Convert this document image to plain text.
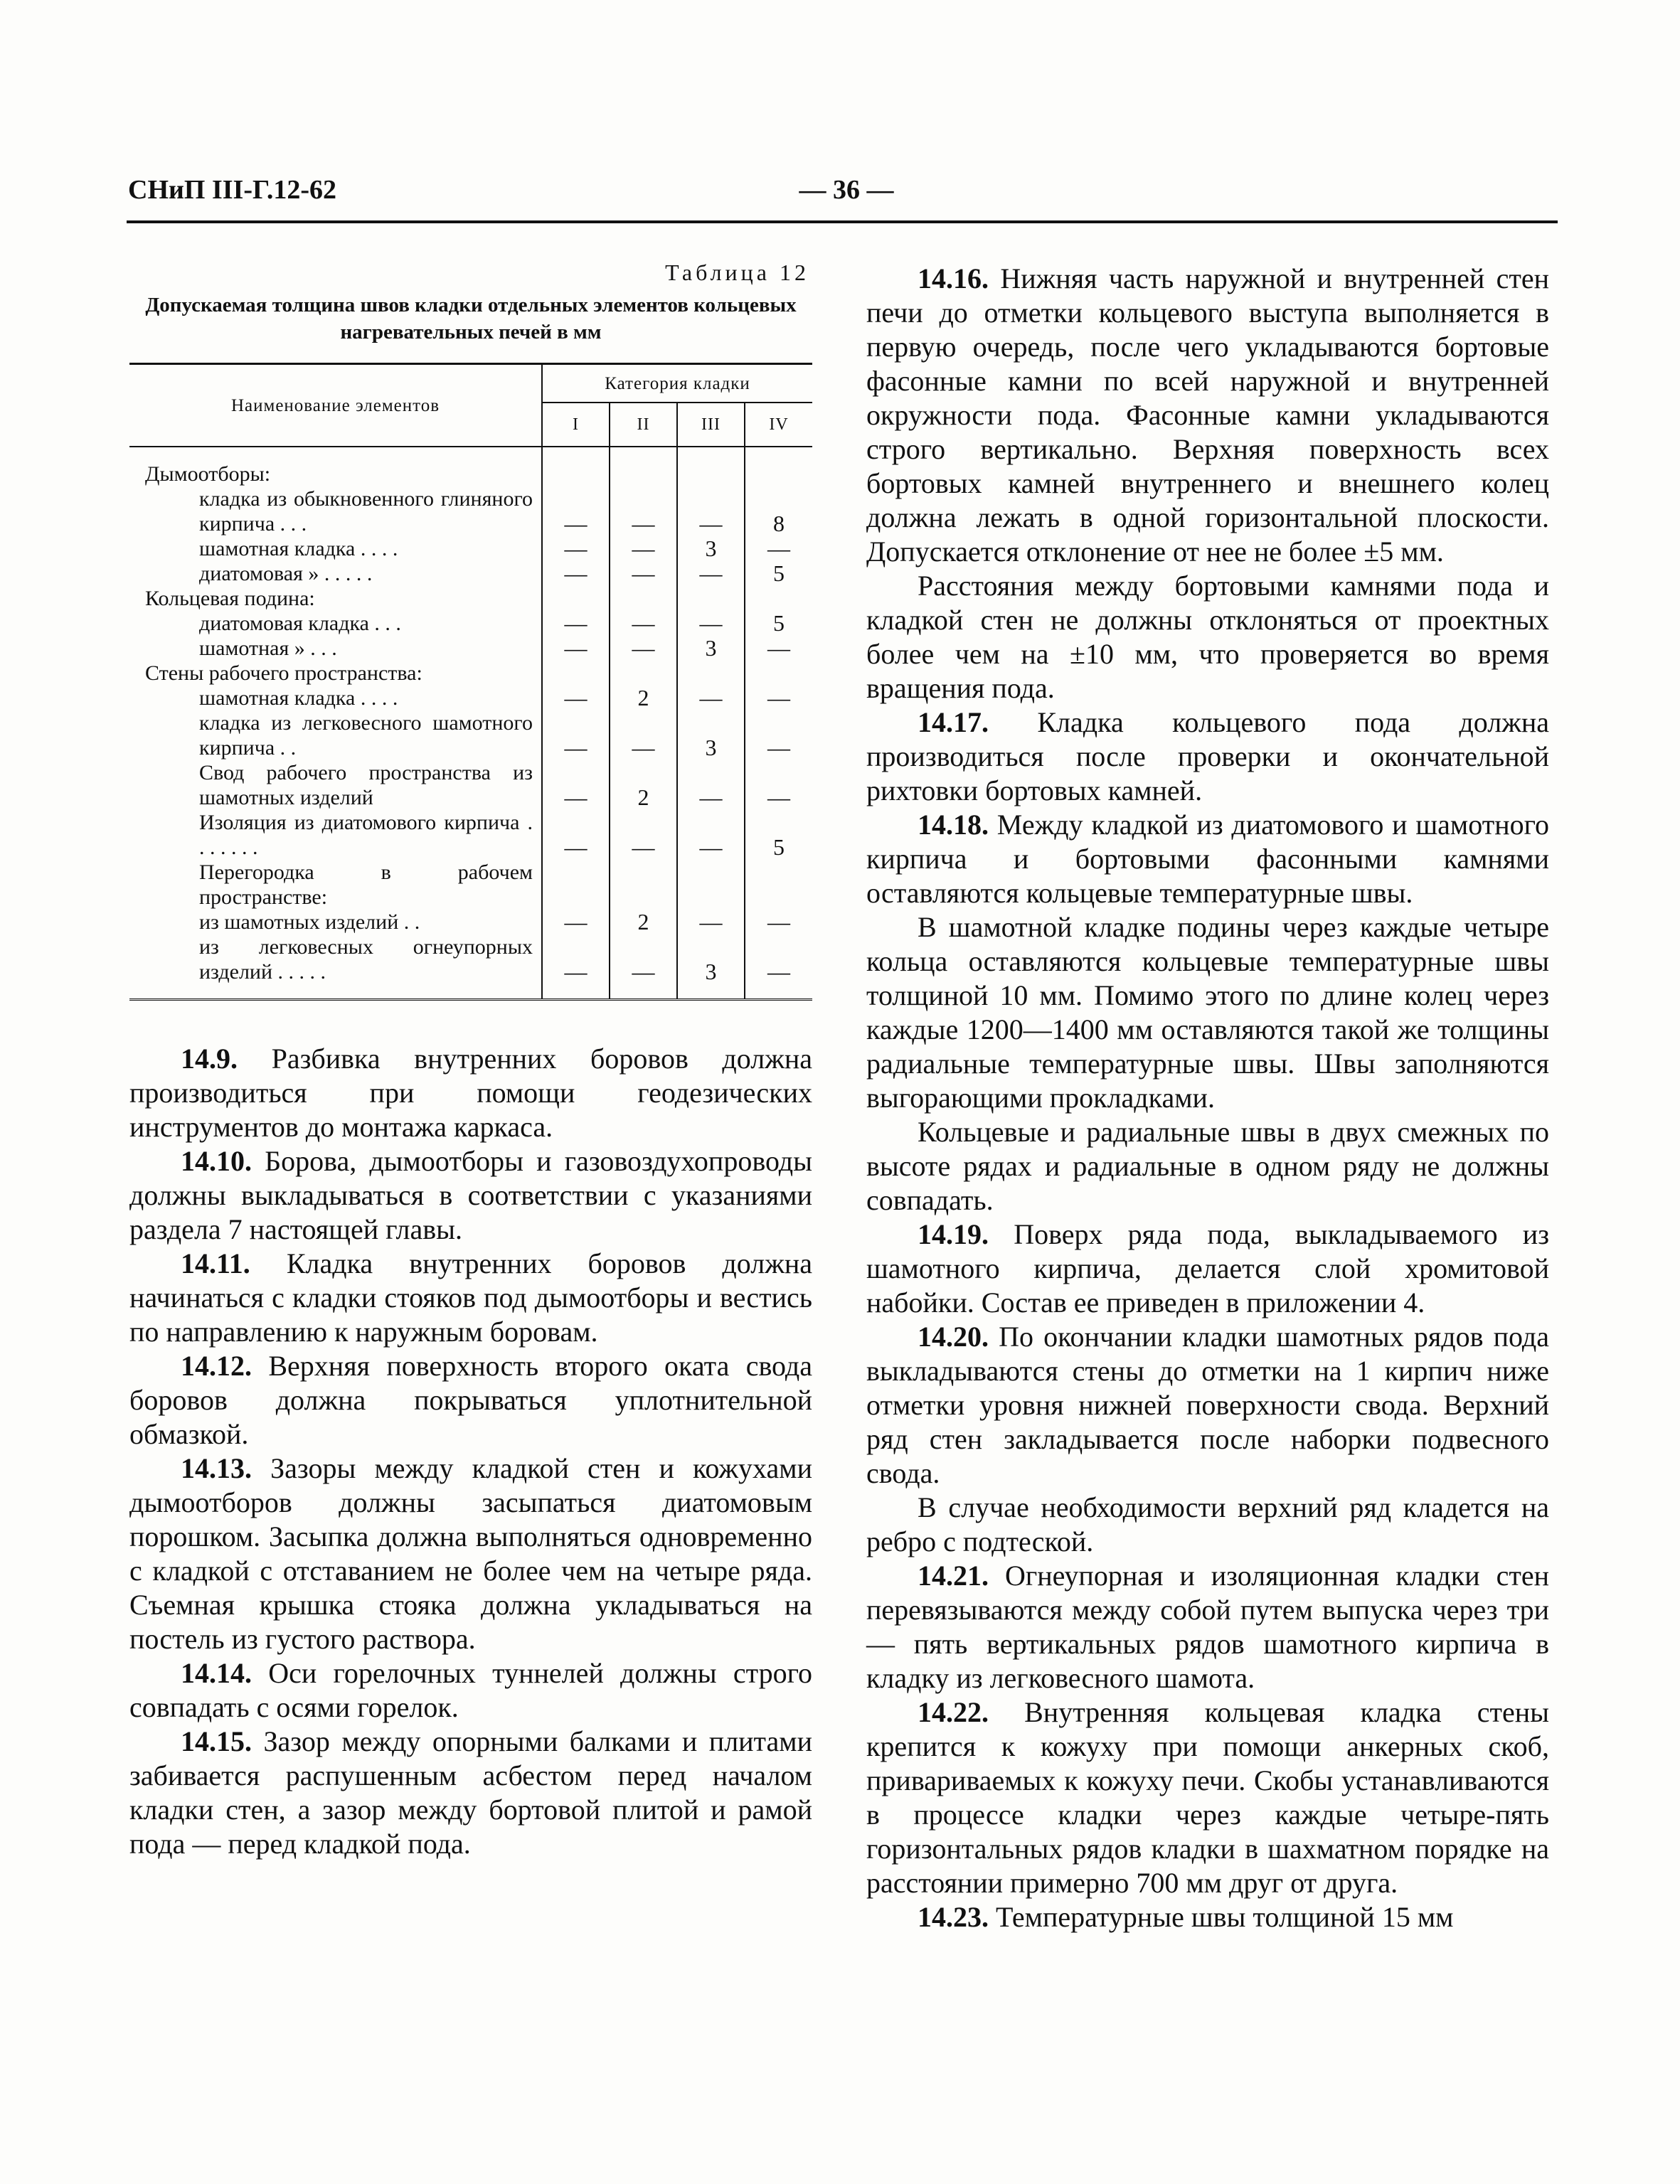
СНиП III-Г.12-62	— 36 —
Таблица 12
Допускаемая толщина швов кладки отдельных элементов кольцевых нагревательных печей в мм
Наименование элементов	Категория кладки			
	I	II	III	IV

Дымоотборы:				

кладка из обыкновенного глиняного кирпича . . .	—	—	—	8

шамотная кладка . . . .	—	—	3	—

диатомовая » . . . . .	—	—	—	5

Кольцевая подина:				

диатомовая кладка . . .	—	—	—	5

шамотная » . . .	—	—	3	—

Стены рабочего пространства:				

шамотная кладка . . . .	—	2	—	—

кладка из легковесного шамотного кирпича . .	—	—	3	—

Свод рабочего пространства из шамотных изделий	—	2	—	—

Изоляция из диатомового кирпича . . . . . . .	—	—	—	5

Перегородка в рабочем пространстве:				

из шамотных изделий . .	—	2	—	—

из легковесных огнеупорных изделий . . . . .	—	—	3	—

14.9. Разбивка внутренних боровов должна производиться при помощи геодезических инструментов до монтажа каркаса.

14.10. Борова, дымоотборы и газовоздухопроводы должны выкладываться в соответствии с указаниями раздела 7 настоящей главы.

14.11. Кладка внутренних боровов должна начинаться с кладки стояков под дымоотборы и вестись по направлению к наружным боровам.

14.12. Верхняя поверхность второго оката свода боровов должна покрываться уплотнительной обмазкой.

14.13. Зазоры между кладкой стен и кожухами дымоотборов должны засыпаться диатомовым порошком. Засыпка должна выполняться одновременно с кладкой с отставанием не более чем на четыре ряда. Съемная крышка стояка должна укладываться на постель из густого раствора.

14.14. Оси горелочных туннелей должны строго совпадать с осями горелок.

14.15. Зазор между опорными балками и плитами забивается распушенным асбестом перед началом кладки стен, а зазор между бортовой плитой и рамой пода — перед кладкой пода.

14.16. Нижняя часть наружной и внутренней стен печи до отметки кольцевого выступа выполняется в первую очередь, после чего укладываются бортовые фасонные камни по всей наружной и внутренней окружности пода. Фасонные камни укладываются строго вертикально. Верхняя поверхность всех бортовых камней внутреннего и внешнего колец должна лежать в одной горизонтальной плоскости. Допускается отклонение от нее не более ±5 мм.

Расстояния между бортовыми камнями пода и кладкой стен не должны отклоняться от проектных более чем на ±10 мм, что проверяется во время вращения пода.

14.17. Кладка кольцевого пода должна производиться после проверки и окончательной рихтовки бортовых камней.

14.18. Между кладкой из диатомового и шамотного кирпича и бортовыми фасонными камнями оставляются кольцевые температурные швы.

В шамотной кладке подины через каждые четыре кольца оставляются кольцевые температурные швы толщиной 10 мм. Помимо этого по длине колец через каждые 1200—1400 мм оставляются такой же толщины радиальные температурные швы. Швы заполняются выгорающими прокладками.

Кольцевые и радиальные швы в двух смежных по высоте рядах и радиальные в одном ряду не должны совпадать.

14.19. Поверх ряда пода, выкладываемого из шамотного кирпича, делается слой хромитовой набойки. Состав ее приведен в приложении 4.

14.20. По окончании кладки шамотных рядов пода выкладываются стены до отметки на 1 кирпич ниже отметки уровня нижней поверхности свода. Верхний ряд стен закладывается после наборки подвесного свода.

В случае необходимости верхний ряд кладется на ребро с подтеской.

14.21. Огнеупорная и изоляционная кладки стен перевязываются между собой путем выпуска через три — пять вертикальных рядов шамотного кирпича в кладку из легковесного шамота.

14.22. Внутренняя кольцевая кладка стены крепится к кожуху при помощи анкерных скоб, привариваемых к кожуху печи. Скобы устанавливаются в процессе кладки через каждые четыре-пять горизонтальных рядов кладки в шахматном порядке на расстоянии примерно 700 мм друг от друга.

14.23. Температурные швы толщиной 15 мм
